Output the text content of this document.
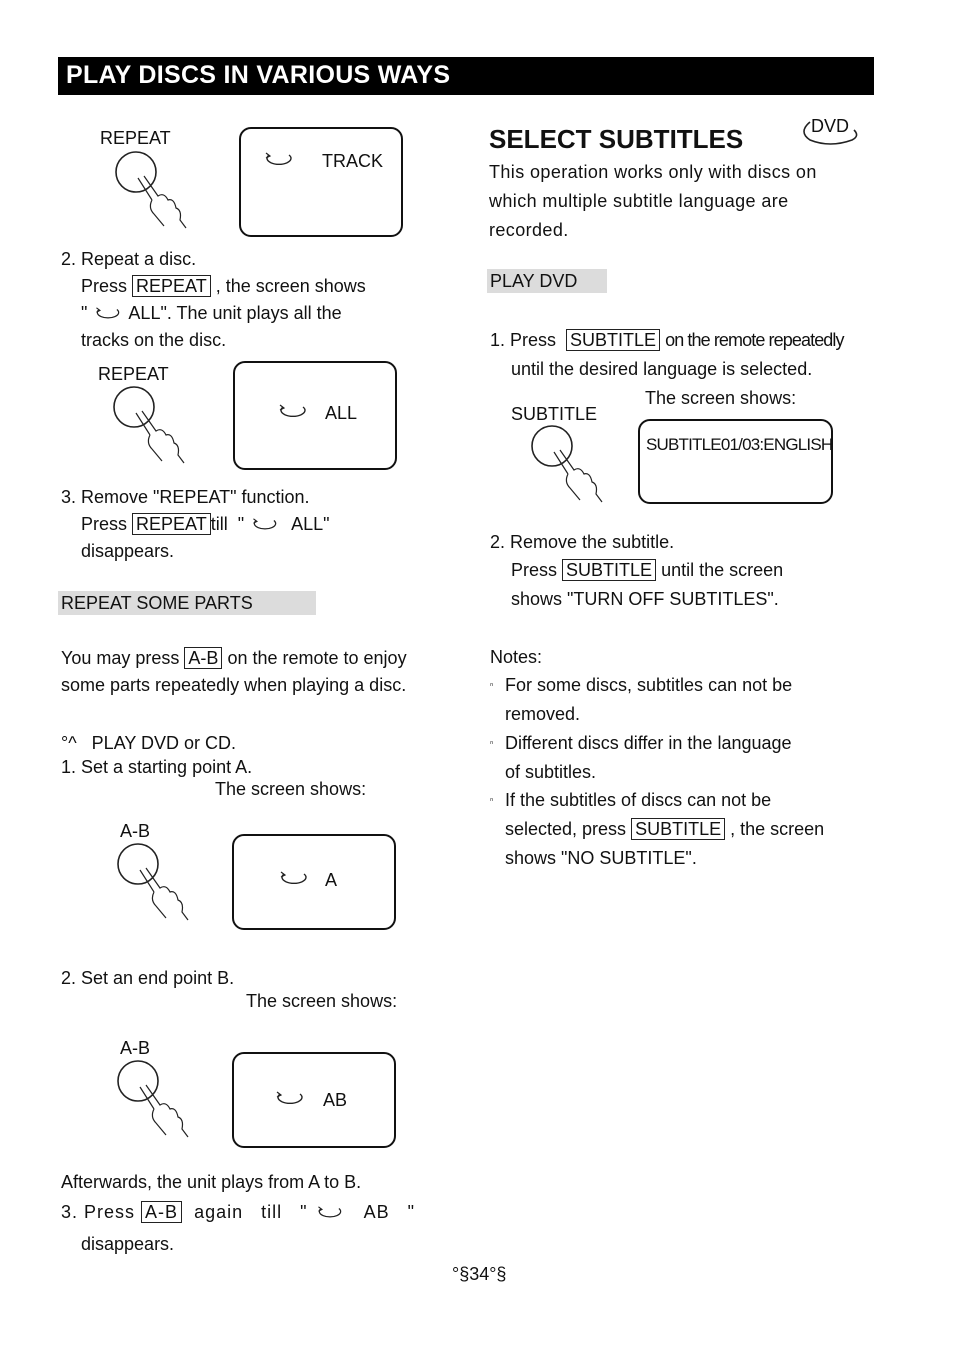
PLAY DISCS IN VARIOUS WAYS
REPEAT
TRACK
2. Repeat a disc.
Press REPEAT , the screen shows
" ALL". The unit plays all the
tracks on the disc.
REPEAT
ALL
3. Remove "REPEAT" function.
Press REPEAT till "	ALL"
disappears.
REPEAT SOME PARTS
You may press A-B on the remote to enjoy
some parts repeatedly when playing a disc.
°^ PLAY DVD or CD.
1. Set a starting point A.
The screen shows:
A-B
A
2. Set an end point B.
The screen shows:
A-B
AB
Afterwards, the unit plays from A to B.
3. Press A-B again till "	AB "
disappears.
SELECT SUBTITLES	DVD
This operation works only with discs on
which multiple subtitle language are
recorded.
PLAY DVD
1. Press SUBTITLE on the remote repeatedly
until the desired language is selected.
The screen shows:
SUBTITLE
SUBTITLE01/03:ENGLISH
2. Remove the subtitle.
Press SUBTITLE until the screen
shows "TURN OFF SUBTITLES".
Notes:
ⁿ For some discs, subtitles can not be
removed.
ⁿ Different discs differ in the language
of subtitles.
ⁿ If the subtitles of discs can not be
selected, press SUBTITLE , the screen
shows "NO SUBTITLE".
°§34°§
